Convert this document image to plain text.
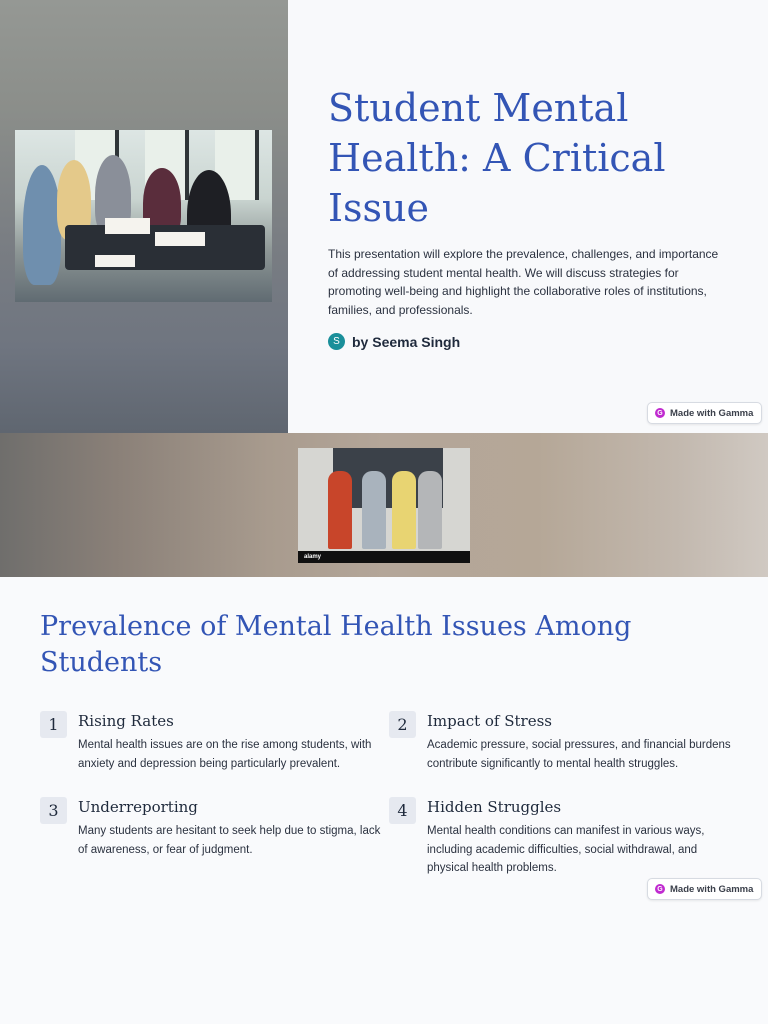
Student Mental Health: A Critical Issue

This presentation will explore the prevalence, challenges, and importance of addressing student mental health. We will discuss strategies for promoting well-being and highlight the collaborative roles of institutions, families, and professionals.

S by Seema Singh
G Made with Gamma
alamy
Prevalence of Mental Health Issues Among Students
1	Rising Rates

Mental health issues are on the rise among students, with anxiety and depression being particularly prevalent.

2	Impact of Stress

Academic pressure, social pressures, and financial burdens contribute significantly to mental health struggles.

3	Underreporting

Many students are hesitant to seek help due to stigma, lack of awareness, or fear of judgment.

4	Hidden Struggles

Mental health conditions can manifest in various ways, including academic difficulties, social withdrawal, and physical health problems.

G Made with Gamma
